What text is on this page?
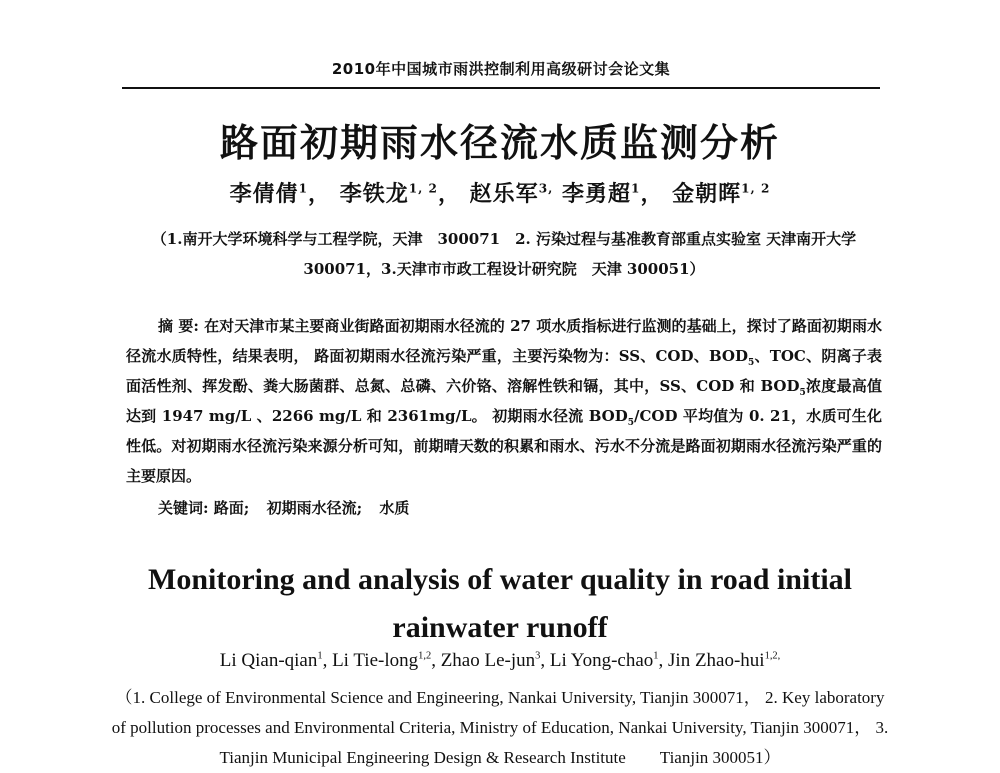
2010年中国城市雨洪控制利用高级研讨会论文集
路面初期雨水径流水质监测分析
李倩倩$^1$， 李铁龙$^{1, 2}$， 赵乐军$^{3,}$ 李勇超$^1$， 金朝晖$^{1, 2}$
（1.南开大学环境科学与工程学院，天津　300071　2. 污染过程与基准教育部重点实验室 天津南开大学 300071，3.天津市市政工程设计研究院　天津 300051）
摘 要: 在对天津市某主要商业街路面初期雨水径流的 27 项水质指标进行监测的基础上，探讨了路面初期雨水径流水质特性，结果表明， 路面初期雨水径流污染严重，主要污染物为：SS、COD、$BOD_5$、TOC、阴离子表面活性剂、挥发酚、粪大肠菌群、总氮、总磷、六价铬、溶解性铁和镉，其中，SS、COD 和 $BOD_5$浓度最高值达到 1947 mg/L 、2266 mg/L 和 2361mg/L。 初期雨水径流 $BOD_5$/COD 平均值为 0. 21，水质可生化性低。对初期雨水径流污染来源分析可知，前期晴天数的积累和雨水、污水不分流是路面初期雨水径流污染严重的主要原因。
关键词: 路面; 初期雨水径流; 水质
Monitoring and analysis of water quality in road initial rainwater runoff
Li Qian-qian$^1$, Li Tie-long$^{1,2}$, Zhao Le-jun$^3$, Li Yong-chao$^1$, Jin Zhao-hui$^{1,2,}$
（1. College of Environmental Science and Engineering, Nankai University, Tianjin 300071， 2. Key laboratory of pollution processes and Environmental Criteria, Ministry of Education, Nankai University, Tianjin 300071， 3. Tianjin Municipal Engineering Design & Research Institute　　Tianjin 300051）
